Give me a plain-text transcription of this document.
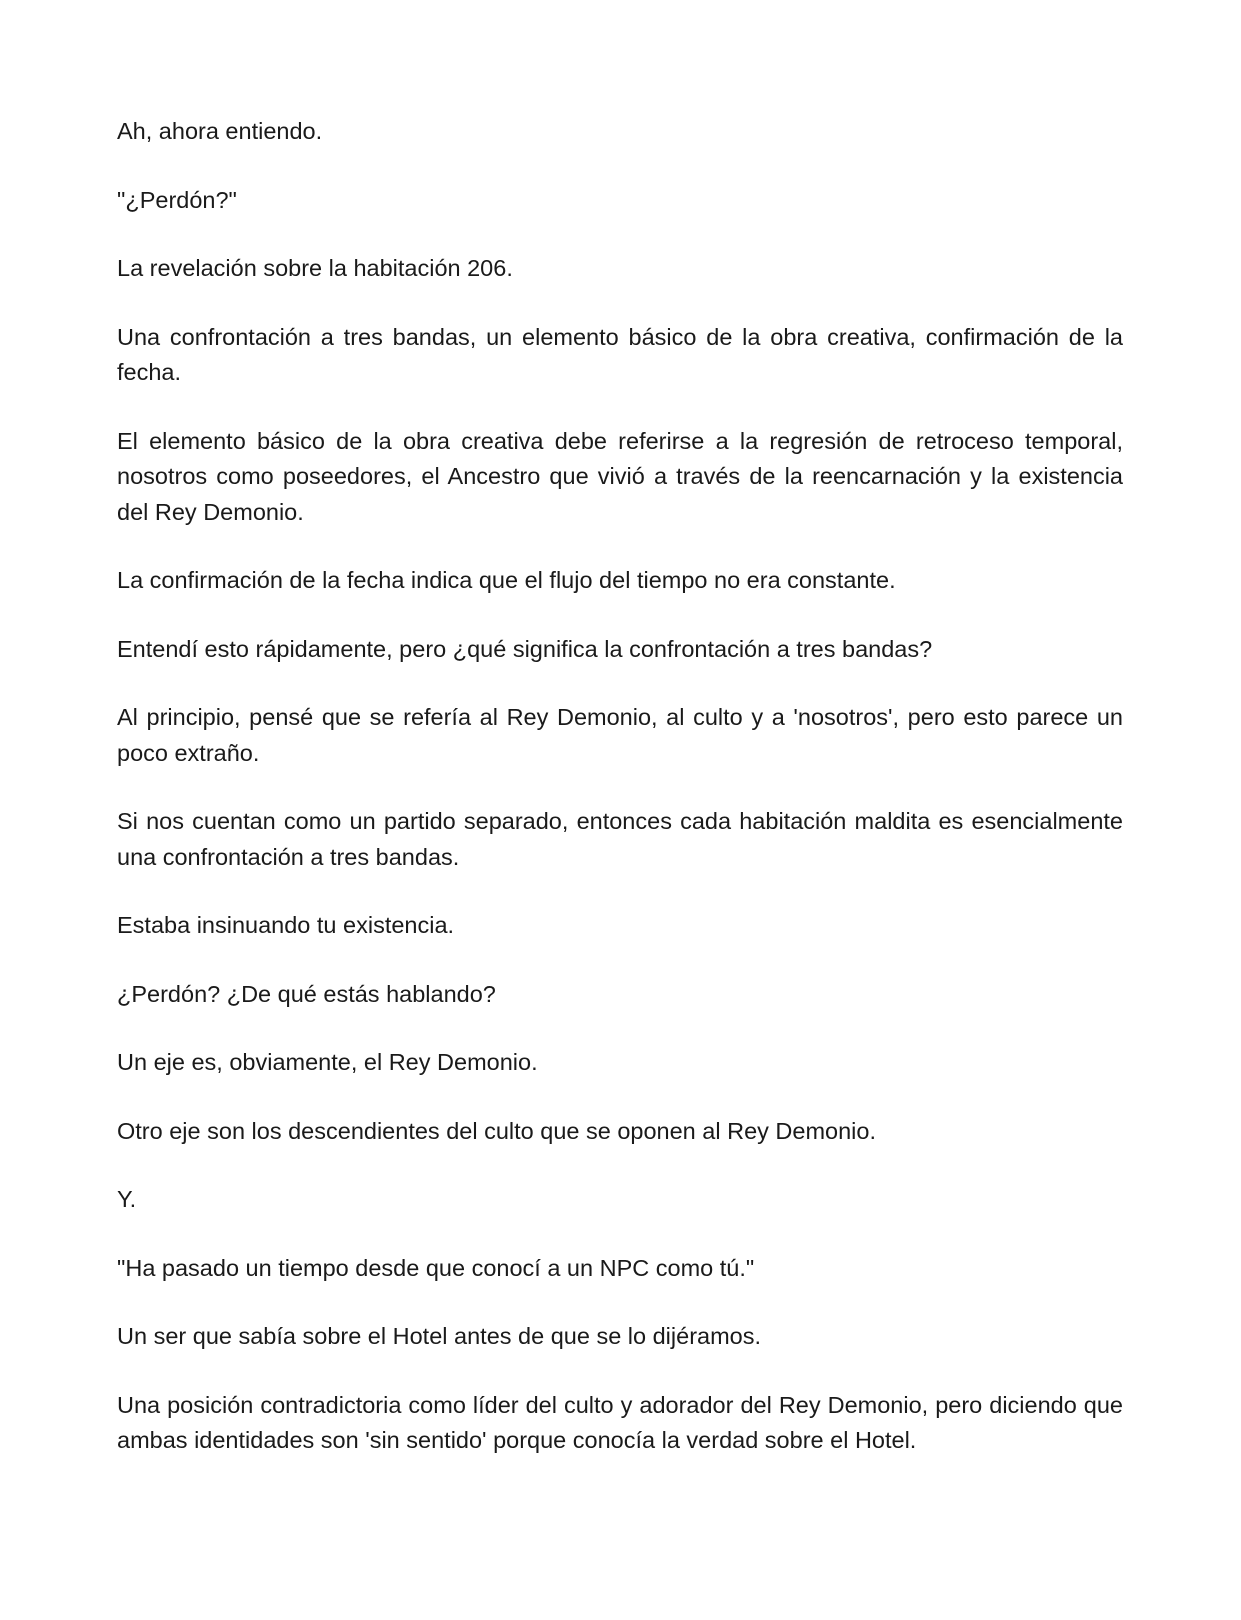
Ah, ahora entiendo.

"¿Perdón?"

La revelación sobre la habitación 206.

Una confrontación a tres bandas, un elemento básico de la obra creativa, confirmación de la fecha.

El elemento básico de la obra creativa debe referirse a la regresión de retroceso temporal, nosotros como poseedores, el Ancestro que vivió a través de la reencarnación y la existencia del Rey Demonio.

La confirmación de la fecha indica que el flujo del tiempo no era constante.

Entendí esto rápidamente, pero ¿qué significa la confrontación a tres bandas?

Al principio, pensé que se refería al Rey Demonio, al culto y a 'nosotros', pero esto parece un poco extraño.

Si nos cuentan como un partido separado, entonces cada habitación maldita es esencialmente una confrontación a tres bandas.

Estaba insinuando tu existencia.

¿Perdón? ¿De qué estás hablando?

Un eje es, obviamente, el Rey Demonio.

Otro eje son los descendientes del culto que se oponen al Rey Demonio.

Y.

"Ha pasado un tiempo desde que conocí a un NPC como tú."

Un ser que sabía sobre el Hotel antes de que se lo dijéramos.

Una posición contradictoria como líder del culto y adorador del Rey Demonio, pero diciendo que ambas identidades son 'sin sentido' porque conocía la verdad sobre el Hotel.
